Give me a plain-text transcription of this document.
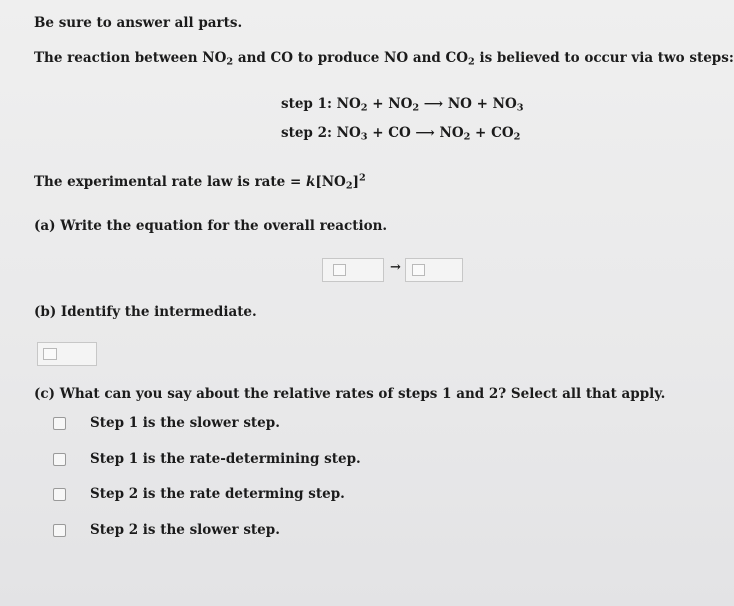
Be sure to answer all parts.
The reaction between $NO_2$ and CO to produce NO and $CO_2$ is believed to occur via two steps:
step 1: $NO_2 + NO_2$ ⟶ NO + $NO_3$
step 2: $NO_3$ + CO ⟶ $NO_2 + CO_2$
The experimental rate law is rate = $k[NO_2]^2$
(a) Write the equation for the overall reaction.
→
(b) Identify the intermediate.
(c) What can you say about the relative rates of steps 1 and 2? Select all that apply.
Step 1 is the slower step.
Step 1 is the rate-determining step.
Step 2 is the rate determing step.
Step 2 is the slower step.
